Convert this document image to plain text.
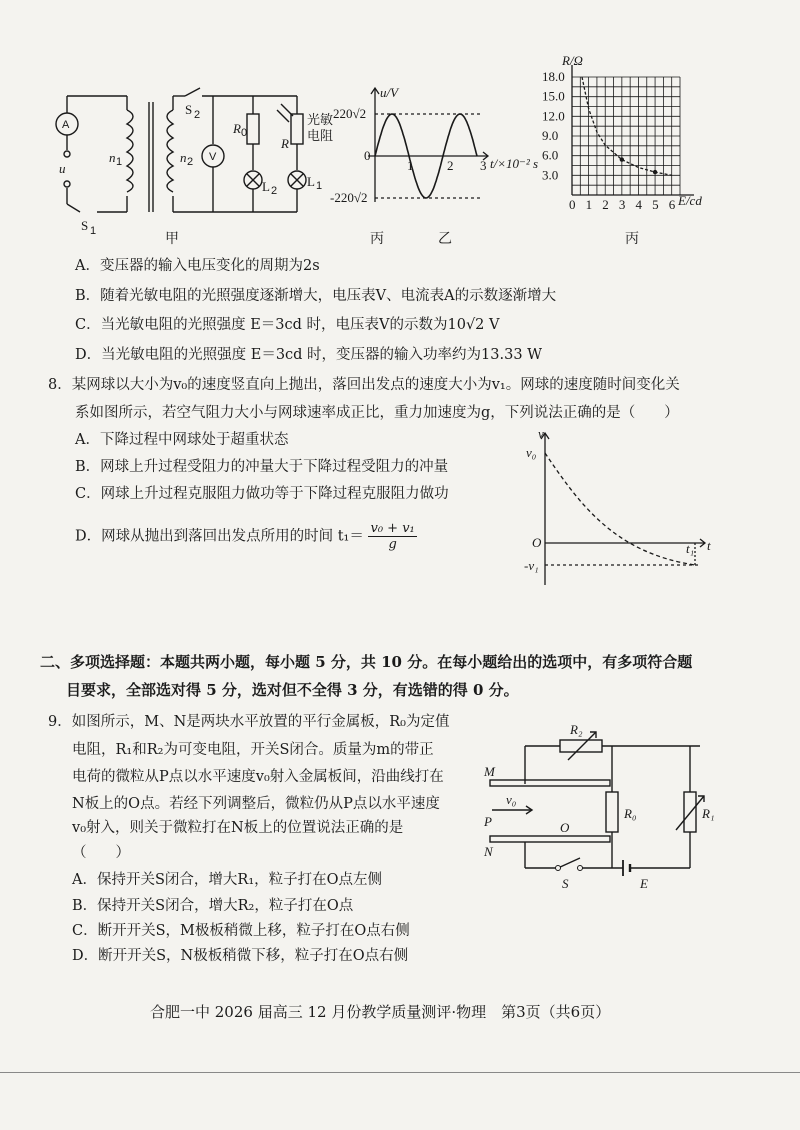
A
V
u
S 1
n 1	n 2
S 2
R 0
R
L 2
L 1
光敏
电阻
甲
u/V
220√2
-220√2
0
1	2 3 t/×10⁻² s
丙	乙
0 1 2 3 4 5 6
3.0
6.0
9.0
12.0
15.0
18.0
R/Ω
E/cd
丙
A．变压器的输入电压变化的周期为2s
B．随着光敏电阻的光照强度逐渐增大，电压表V、电流表A的示数逐渐增大
C．当光敏电阻的光照强度 E＝3cd 时，电压表V的示数为10√2 V
D．当光敏电阻的光照强度 E＝3cd 时，变压器的输入功率约为13.33 W
8．某网球以大小为v₀的速度竖直向上抛出，落回出发点的速度大小为v₁。网球的速度随时间变化关
系如图所示，若空气阻力大小与网球速率成正比，重力加速度为g，下列说法正确的是（　　）
A．下降过程中网球处于超重状态
B．网球上升过程受阻力的冲量大于下降过程受阻力的冲量
C．网球上升过程克服阻力做功等于下降过程克服阻力做功
D．网球从抛出到落回出发点所用的时间 $t_1= \frac{\text{v₀ + v₁}}{g}$
v
v₀
O
-v₁
t
t₁
二、多项选择题：本题共两小题，每小题 5 分，共 10 分。在每小题给出的选项中，有多项符合题
目要求，全部选对得 5 分，选对但不全得 3 分，有选错的得 0 分。
9．如图所示，M、N是两块水平放置的平行金属板，R₀为定值
电阻，R₁和R₂为可变电阻，开关S闭合。质量为m的带正
电荷的微粒从P点以水平速度v₀射入金属板间，沿曲线打在
N板上的O点。若经下列调整后，微粒仍从P点以水平速度
v₀射入，则关于微粒打在N板上的位置说法正确的是
（　　）
A．保持开关S闭合，增大R₁，粒子打在O点左侧
B．保持开关S闭合，增大R₂，粒子打在O点
C．断开开关S，M极板稍微上移，粒子打在O点右侧
D．断开开关S，N极板稍微下移，粒子打在O点右侧
R₂
M
v₀
P	O
N
R₀	R₁
S	E
合肥一中 2026 届高三 12 月份教学质量测评·物理　第3页（共6页）
